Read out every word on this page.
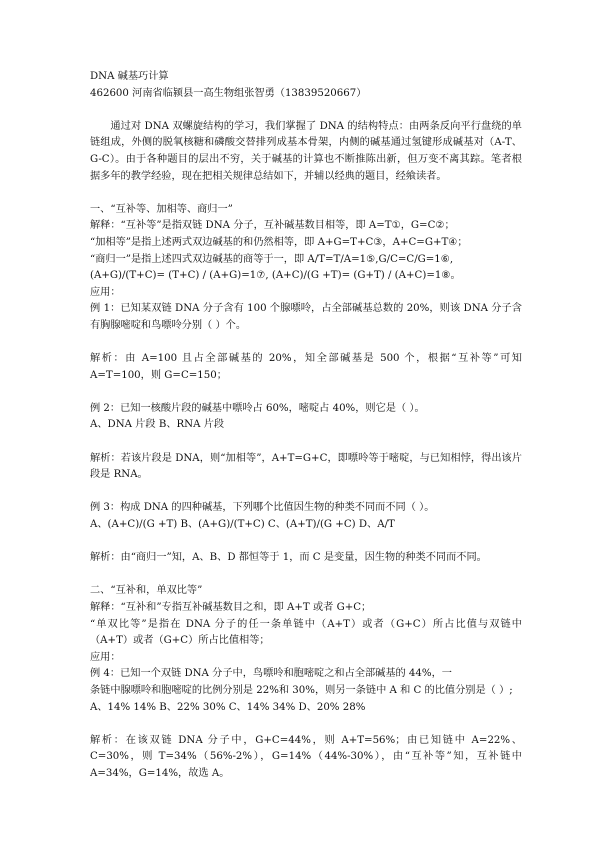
DNA 碱基巧计算
462600 河南省临颍县一高生物组张智勇（13839520667）
通过对 DNA 双螺旋结构的学习，我们掌握了 DNA 的结构特点：由两条反向平行盘绕的单链组成，外侧的脱氧核糖和磷酸交替排列成基本骨架，内侧的碱基通过氢键形成碱基对（A-T、G-C）。由于各种题目的层出不穷，关于碱基的计算也不断推陈出新，但万变不离其踪。笔者根据多年的教学经验，现在把相关规律总结如下，并辅以经典的题目，经飨读者。
一、“互补等、加相等、商归一”
解释：“互补等”是指双链 DNA 分子，互补碱基数目相等，即 A=T①，G=C②；
“加相等”是指上述两式双边碱基的和仍然相等，即 A+G=T+C③，A+C=G+T④；
“商归一”是指上述四式双边碱基的商等于一，即 A/T=T/A=1⑤,G/C=C/G=1⑥,
(A+G)/(T+C)= (T+C) / (A+G)=1⑦, (A+C)/(G +T)= (G+T) / (A+C)=1⑧。
应用：
例 1：已知某双链 DNA 分子含有 100 个腺嘌呤，占全部碱基总数的 20%，则该 DNA 分子含有胸腺嘧啶和鸟嘌呤分别（ ）个。
解析：由 A=100 且占全部碱基的 20%，知全部碱基是 500 个，根据“互补等”可知 A=T=100，则 G=C=150；
例 2：已知一核酸片段的碱基中嘌呤占 60%，嘧啶占 40%，则它是（ ）。
A、DNA 片段 B、RNA 片段
解析：若该片段是 DNA，则“加相等”，A+T=G+C，即嘌呤等于嘧啶，与已知相悖，得出该片段是 RNA。
例 3：构成 DNA 的四种碱基，下列哪个比值因生物的种类不同而不同（ ）。
A、(A+C)/(G +T) B、(A+G)/(T+C) C、(A+T)/(G +C) D、A/T
解析：由“商归一”知，A、B、D 都恒等于 1，而 C 是变量，因生物的种类不同而不同。
二、“互补和，单双比等”
解释：“互补和”专指互补碱基数目之和，即 A+T 或者 G+C；
“单双比等”是指在 DNA 分子的任一条单链中（A+T）或者（G+C）所占比值与双链中（A+T）或者（G+C）所占比值相等；
应用：
例 4：已知一个双链 DNA 分子中，鸟嘌呤和胞嘧啶之和占全部碱基的 44%，一
条链中腺嘌呤和胞嘧啶的比例分别是 22%和 30%，则另一条链中 A 和 C 的比值分别是（ ）;
A、14% 14% B、22% 30% C、14% 34% D、20% 28%
解析：在该双链 DNA 分子中，G+C=44%，则 A+T=56%；由已知链中 A=22%、C=30%，则 T=34%（56%-2%），G=14%（44%-30%），由“互补等”知，互补链中 A=34%，G=14%，故选 A。
